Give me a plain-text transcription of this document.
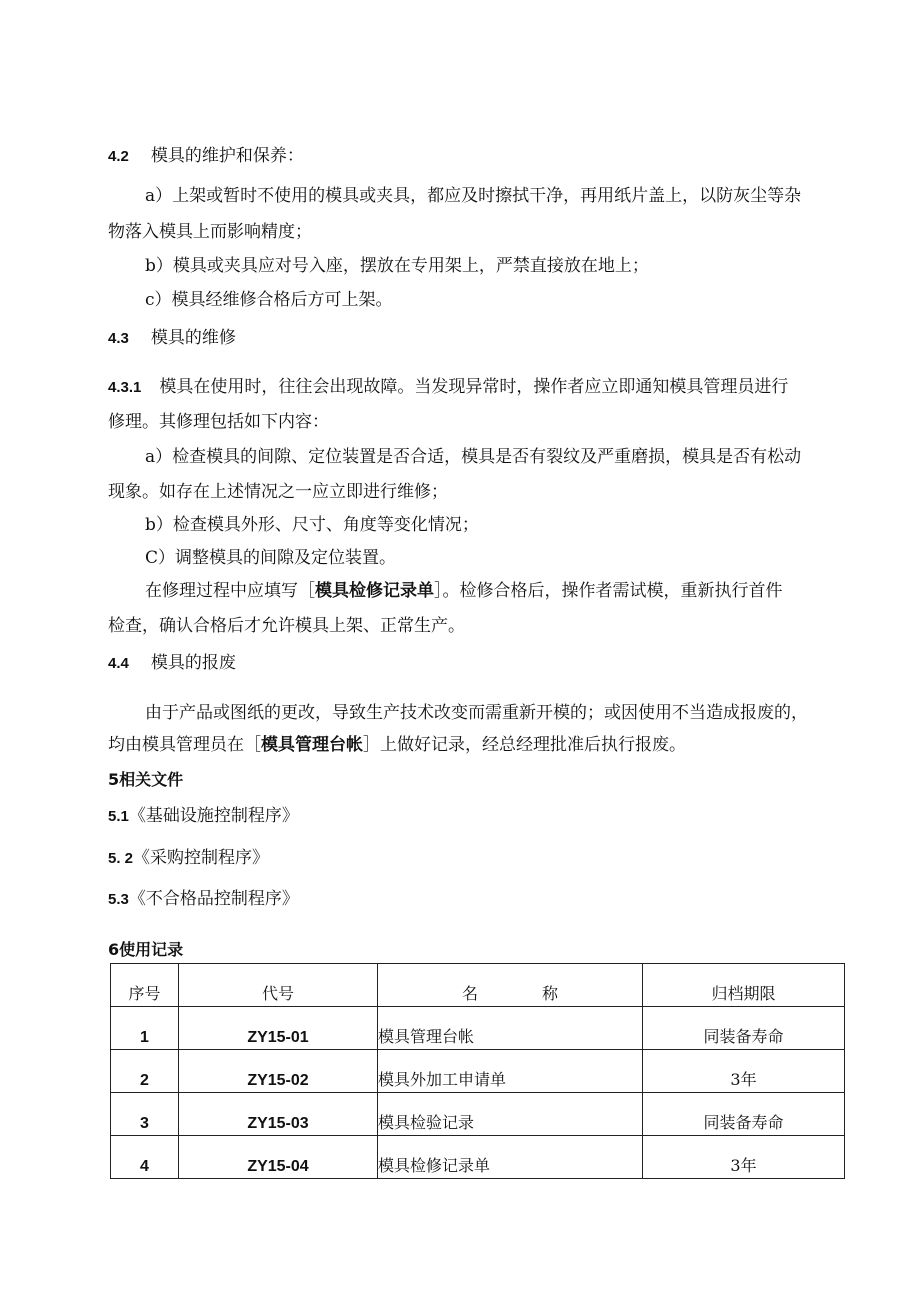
4.2 模具的维护和保养：
a）上架或暂时不使用的模具或夹具，都应及时擦拭干净，再用纸片盖上，以防灰尘等杂
物落入模具上而影响精度；
b）模具或夹具应对号入座，摆放在专用架上，严禁直接放在地上；
c）模具经维修合格后方可上架。
4.3 模具的维修
4.3.1 模具在使用时，往往会出现故障。当发现异常时，操作者应立即通知模具管理员进行
修理。其修理包括如下内容：
a）检查模具的间隙、定位装置是否合适，模具是否有裂纹及严重磨损，模具是否有松动
现象。如存在上述情况之一应立即进行维修；
b）检查模具外形、尺寸、角度等变化情况；
C）调整模具的间隙及定位装置。
在修理过程中应填写［模具检修记录单］。检修合格后，操作者需试模，重新执行首件
检查，确认合格后才允许模具上架、正常生产。
4.4 模具的报废
由于产品或图纸的更改，导致生产技术改变而需重新开模的；或因使用不当造成报废的，
均由模具管理员在［模具管理台帐］上做好记录，经总经理批准后执行报废。
5相关文件
5.1《基础设施控制程序》
5. 2《采购控制程序》
5.3《不合格品控制程序》
6使用记录
序号	代号	名　　　　称	归档期限
1	ZY15-01	模具管理台帐	同装备寿命
2	ZY15-02	模具外加工申请单	3年
3	ZY15-03	模具检验记录	同装备寿命
4	ZY15-04	模具检修记录单	3年
